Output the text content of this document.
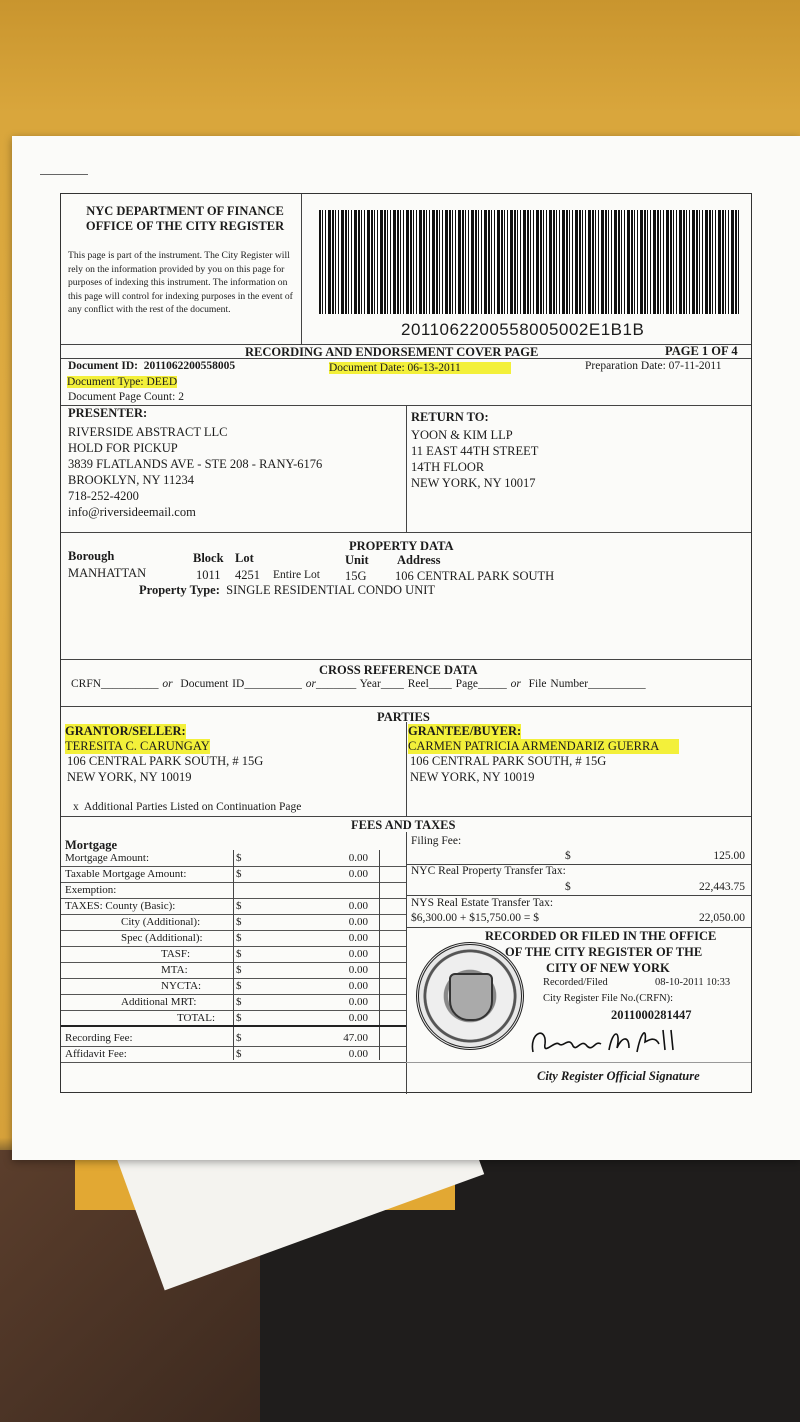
NYC DEPARTMENT OF FINANCE
OFFICE OF THE CITY REGISTER
This page is part of the instrument. The City Register will rely on the information provided by you on this page for purposes of indexing this instrument. The information on this page will control for indexing purposes in the event of any conflict with the rest of the document.
2011062200558005002E1B1B
RECORDING AND ENDORSEMENT COVER PAGE	PAGE 1 OF 4
Document ID: 2011062200558005	Document Date: 06-13-2011	Preparation Date: 07-11-2011
Document Type: DEED
Document Page Count: 2
PRESENTER:
RIVERSIDE ABSTRACT LLC
HOLD FOR PICKUP
3839 FLATLANDS AVE - STE 208 - RANY-6176
BROOKLYN, NY 11234
718-252-4200
info@riversideemail.com
RETURN TO:
YOON & KIM LLP
11 EAST 44TH STREET
14TH FLOOR
NEW YORK, NY 10017
PROPERTY DATA
Borough	Block Lot	Unit Address
MANHATTAN	1011 4251 Entire Lot 15G 106 CENTRAL PARK SOUTH
Property Type: SINGLE RESIDENTIAL CONDO UNIT
CROSS REFERENCE DATA
CRFN__________ or Document ID__________ or_______ Year____ Reel____ Page_____ or File Number__________
PARTIES
GRANTOR/SELLER:
TERESITA C. CARUNGAY
106 CENTRAL PARK SOUTH, # 15G
NEW YORK, NY 10019
GRANTEE/BUYER:
CARMEN PATRICIA ARMENDARIZ GUERRA
106 CENTRAL PARK SOUTH, # 15G
NEW YORK, NY 10019
x Additional Parties Listed on Continuation Page
FEES AND TAXES
Mortgage
Mortgage Amount:	$	0.00
Taxable Mortgage Amount:	$	0.00
Exemption:
TAXES: County (Basic):	$	0.00
City (Additional):	$	0.00
Spec (Additional):	$	0.00
TASF:	$	0.00
MTA:	$	0.00
NYCTA:	$	0.00
Additional MRT:	$	0.00
TOTAL: $	0.00
Recording Fee:	$	47.00
Affidavit Fee:	$	0.00
Filing Fee:
$	125.00
NYC Real Property Transfer Tax:
$	22,443.75
NYS Real Estate Transfer Tax:
$6,300.00 + $15,750.00 = $	22,050.00
RECORDED OR FILED IN THE OFFICE
OF THE CITY REGISTER OF THE
CITY OF NEW YORK
Recorded/Filed	08-10-2011 10:33
City Register File No.(CRFN):
2011000281447
City Register Official Signature
